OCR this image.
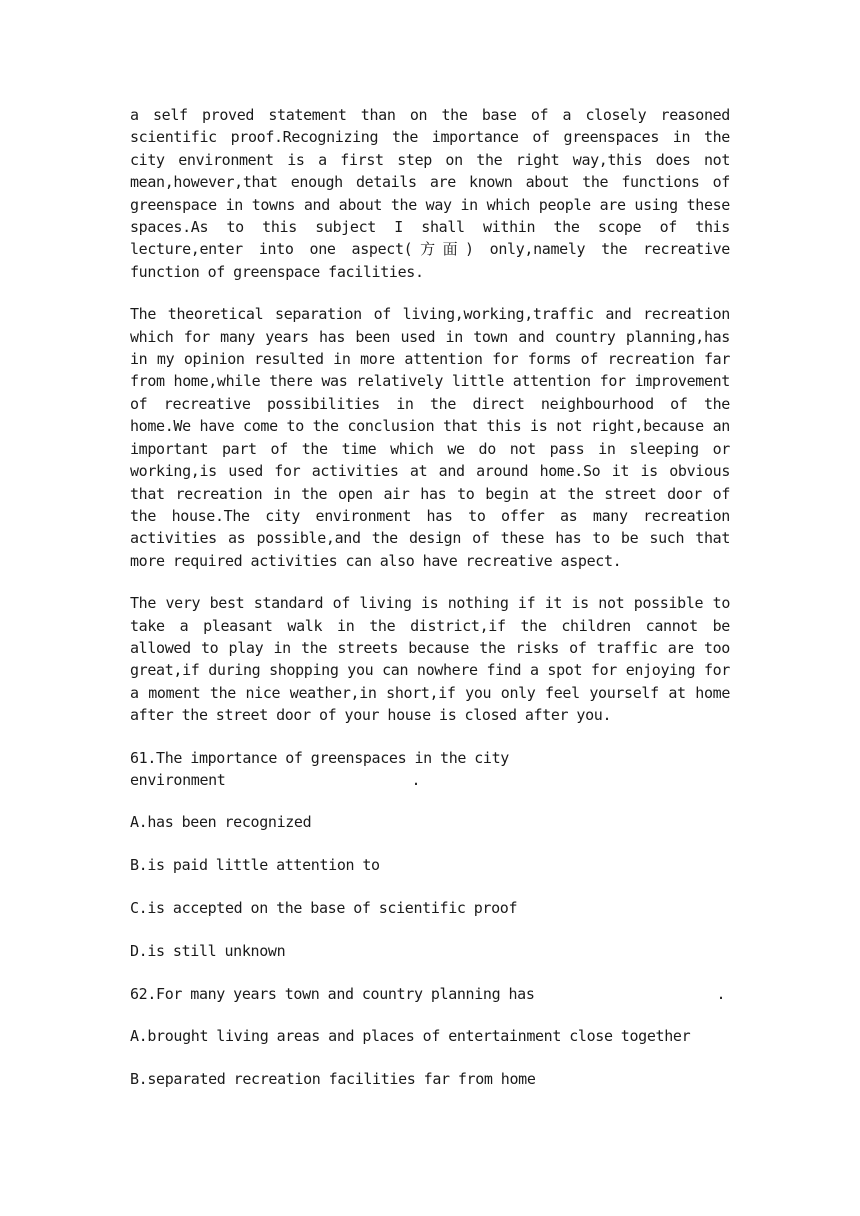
a self proved statement than on the base of a closely reasoned scientific proof.Recognizing the importance of greenspaces in the city environment is a first step on the right way,this does not mean,however,that enough details are known about the functions of greenspace in towns and about the way in which people are using these spaces.As to this subject I shall within the scope of this lecture,enter into one aspect(方面) only,namely the recreative function of greenspace facilities.

The theoretical separation of living,working,traffic and recreation which for many years has been used in town and country planning,has in my opinion resulted in more attention for forms of recreation far from home,while there was relatively little attention for improvement of recreative possibilities in the direct neighbourhood of the home.We have come to the conclusion that this is not right,because an important part of the time which we do not pass in sleeping or working,is used for activities at and around home.So it is obvious that recreation in the open air has to begin at the street door of the house.The city environment has to offer as many recreation activities as possible,and the design of these has to be such that more required activities can also have recreative aspect.

The very best standard of living is nothing if it is not possible to take a pleasant walk in the district,if the children cannot be allowed to play in the streets because the risks of traffic are too great,if during shopping you can nowhere find a spot for enjoying for a moment the nice weather,in short,if you only feel yourself at home after the street door of your house is closed after you.

61.The importance of greenspaces in the city environment	.

A.has been recognized

B.is paid little attention to

C.is accepted on the base of scientific proof

D.is still unknown

62.For many years town and country planning has	.

A.brought living areas and places of entertainment close together

B.separated recreation facilities far from home
